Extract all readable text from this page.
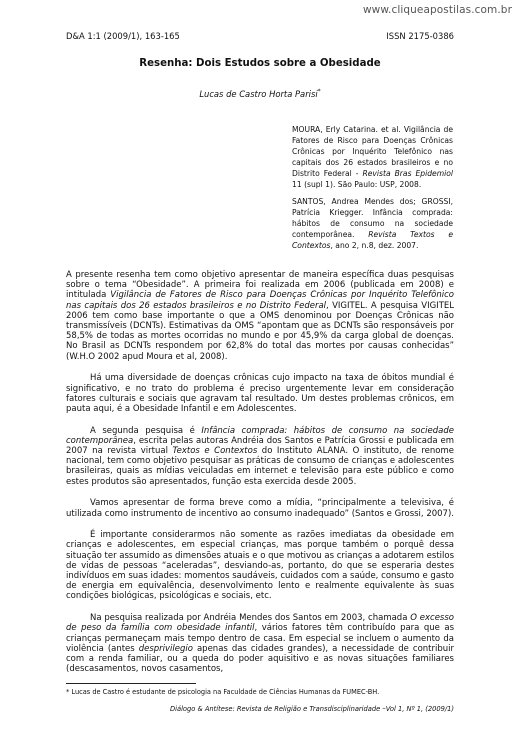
www.cliqueapostilas.com.br
D&A 1:1 (2009/1), 163-165	ISSN 2175-0386
Resenha: Dois Estudos sobre a Obesidade
Lucas de Castro Horta Parisi*
MOURA, Erly Catarina. et al. Vigilância de Fatores de Risco para Doenças Crônicas Crônicas por Inquérito Telefônico nas capitais dos 26 estados brasileiros e no Distrito Federal - Revista Bras Epidemiol 11 (supl 1). São Paulo: USP, 2008.
SANTOS, Andrea Mendes dos; GROSSI, Patrícia Kriegger. Infância comprada: hábitos de consumo na sociedade contemporânea. Revista Textos e Contextos, ano 2, n.8, dez. 2007.

A presente resenha tem como objetivo apresentar de maneira específica duas pesquisas sobre o tema “Obesidade”. A primeira foi realizada em 2006 (publicada em 2008) e intitulada Vigilância de Fatores de Risco para Doenças Crônicas por Inquérito Telefônico nas capitais dos 26 estados brasileiros e no Distrito Federal, VIGITEL. A pesquisa VIGITEL 2006 tem como base importante o que a OMS denominou por Doenças Crônicas não transmissíveis (DCNTs). Estimativas da OMS “apontam que as DCNTs são responsáveis por 58,5% de todas as mortes ocorridas no mundo e por 45,9% da carga global de doenças. No Brasil as DCNTs respondem por 62,8% do total das mortes por causas conhecidas” (W.H.O 2002 apud Moura et al, 2008).

Há uma diversidade de doenças crônicas cujo impacto na taxa de óbitos mundial é significativo, e no trato do problema é preciso urgentemente levar em consideração fatores culturais e sociais que agravam tal resultado. Um destes problemas crônicos, em pauta aqui, é a Obesidade Infantil e em Adolescentes.

A segunda pesquisa é Infância comprada: hábitos de consumo na sociedade contemporânea, escrita pelas autoras Andréia dos Santos e Patrícia Grossi e publicada em 2007 na revista virtual Textos e Contextos do Instituto ALANA. O instituto, de renome nacional, tem como objetivo pesquisar as práticas de consumo de crianças e adolescentes brasileiras, quais as mídias veiculadas em internet e televisão para este público e como estes produtos são apresentados, função esta exercida desde 2005.

Vamos apresentar de forma breve como a mídia, “principalmente a televisiva, é utilizada como instrumento de incentivo ao consumo inadequado” (Santos e Grossi, 2007).

É importante considerarmos não somente as razões imediatas da obesidade em crianças e adolescentes, em especial crianças, mas porque também o porquê dessa situação ter assumido as dimensões atuais e o que motivou as crianças a adotarem estilos de vidas de pessoas “aceleradas”, desviando-as, portanto, do que se esperaria destes indivíduos em suas idades: momentos saudáveis, cuidados com a saúde, consumo e gasto de energia em equivalência, desenvolvimento lento e realmente equivalente às suas condições biológicas, psicológicas e sociais, etc.

Na pesquisa realizada por Andréia Mendes dos Santos em 2003, chamada O excesso de peso da família com obesidade infantil, vários fatores têm contribuído para que as crianças permaneçam mais tempo dentro de casa. Em especial se incluem o aumento da violência (antes desprivilegio apenas das cidades grandes), a necessidade de contribuir com a renda familiar, ou a queda do poder aquisitivo e as novas situações familiares (descasamentos, novos casamentos,

* Lucas de Castro é estudante de psicologia na Faculdade de Ciências Humanas da FUMEC-BH.
Diálogo & Antítese: Revista de Religião e Transdisciplinaridade –Vol 1, Nº 1, (2009/1)
